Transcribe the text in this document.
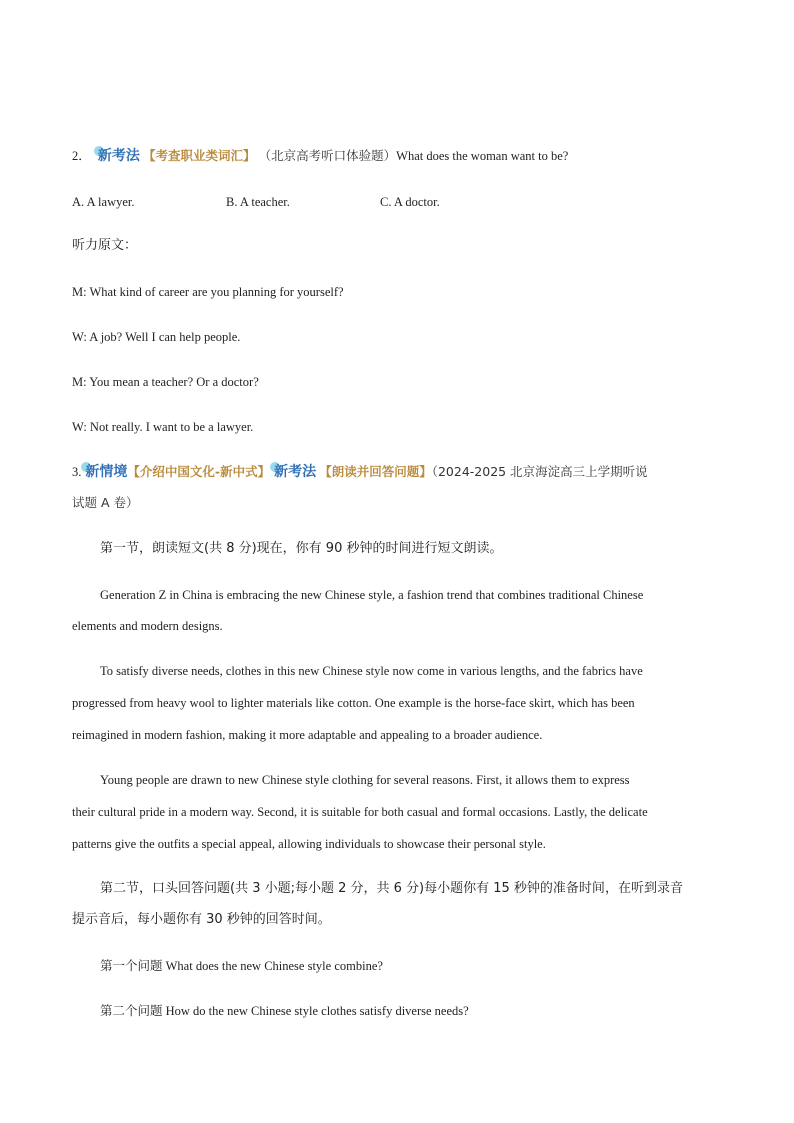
2． 新考法 【考查职业类词汇】 （北京高考听口体验题）What does the woman want to be?
A. A lawyer.	B. A teacher.	C. A doctor.
听力原文：
M: What kind of career are you planning for yourself?
W: A job? Well I can help people.
M: You mean a teacher? Or a doctor?
W: Not really. I want to be a lawyer.
3. 新情境【介绍中国文化-新中式】 新考法 【朗读并回答问题】（2024-2025 北京海淀高三上学期听说
试题 A 卷）
第一节，朗读短文(共 8 分)现在，你有 90 秒钟的时间进行短文朗读。
Generation Z in China is embracing the new Chinese style, a fashion trend that combines traditional Chinese
elements and modern designs.
To satisfy diverse needs, clothes in this new Chinese style now come in various lengths, and the fabrics have
progressed from heavy wool to lighter materials like cotton. One example is the horse-face skirt, which has been
reimagined in modern fashion, making it more adaptable and appealing to a broader audience.
Young people are drawn to new Chinese style clothing for several reasons. First, it allows them to express
their cultural pride in a modern way. Second, it is suitable for both casual and formal occasions. Lastly, the delicate
patterns give the outfits a special appeal, allowing individuals to showcase their personal style.
第二节，口头回答问题(共 3 小题;每小题 2 分，共 6 分)每小题你有 15 秒钟的准备时间，在听到录音
提示音后，每小题你有 30 秒钟的回答时间。
第一个问题 What does the new Chinese style combine?
第二个问题 How do the new Chinese style clothes satisfy diverse needs?
